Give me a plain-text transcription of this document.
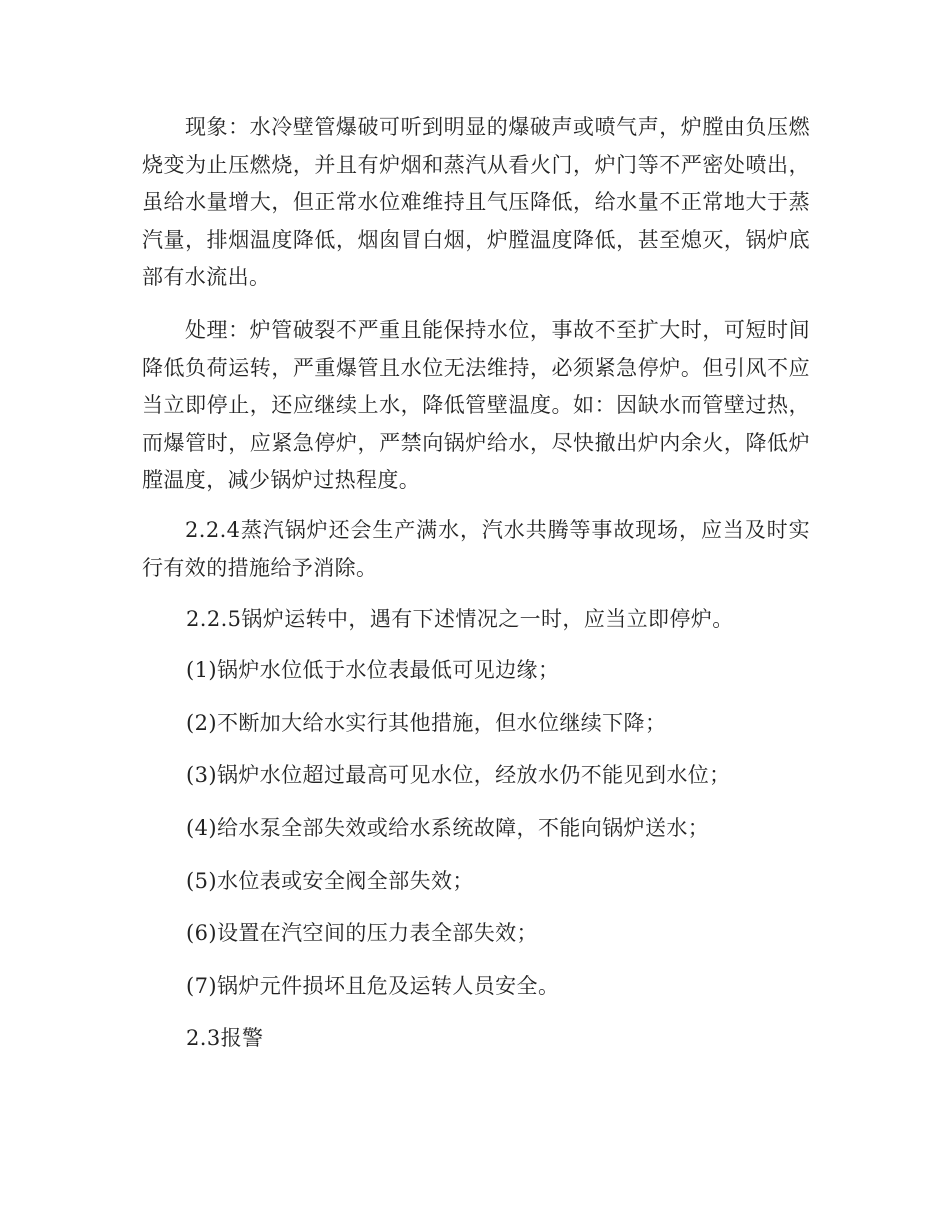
现象：水冷壁管爆破可听到明显的爆破声或喷气声，炉膛由负压燃烧变为止压燃烧，并且有炉烟和蒸汽从看火门，炉门等不严密处喷出，虽给水量增大，但正常水位难维持且气压降低，给水量不正常地大于蒸汽量，排烟温度降低，烟囱冒白烟，炉膛温度降低，甚至熄灭，锅炉底部有水流出。

处理：炉管破裂不严重且能保持水位，事故不至扩大时，可短时间降低负荷运转，严重爆管且水位无法维持，必须紧急停炉。但引风不应当立即停止，还应继续上水，降低管壁温度。如：因缺水而管壁过热，而爆管时，应紧急停炉，严禁向锅炉给水，尽快撤出炉内余火，降低炉膛温度，减少锅炉过热程度。

2.2.4蒸汽锅炉还会生产满水，汽水共腾等事故现场，应当及时实行有效的措施给予消除。

2.2.5锅炉运转中，遇有下述情况之一时，应当立即停炉。

(1)锅炉水位低于水位表最低可见边缘；

(2)不断加大给水实行其他措施，但水位继续下降；

(3)锅炉水位超过最高可见水位，经放水仍不能见到水位；

(4)给水泵全部失效或给水系统故障，不能向锅炉送水；

(5)水位表或安全阀全部失效；

(6)设置在汽空间的压力表全部失效；

(7)锅炉元件损坏且危及运转人员安全。

2.3报警
